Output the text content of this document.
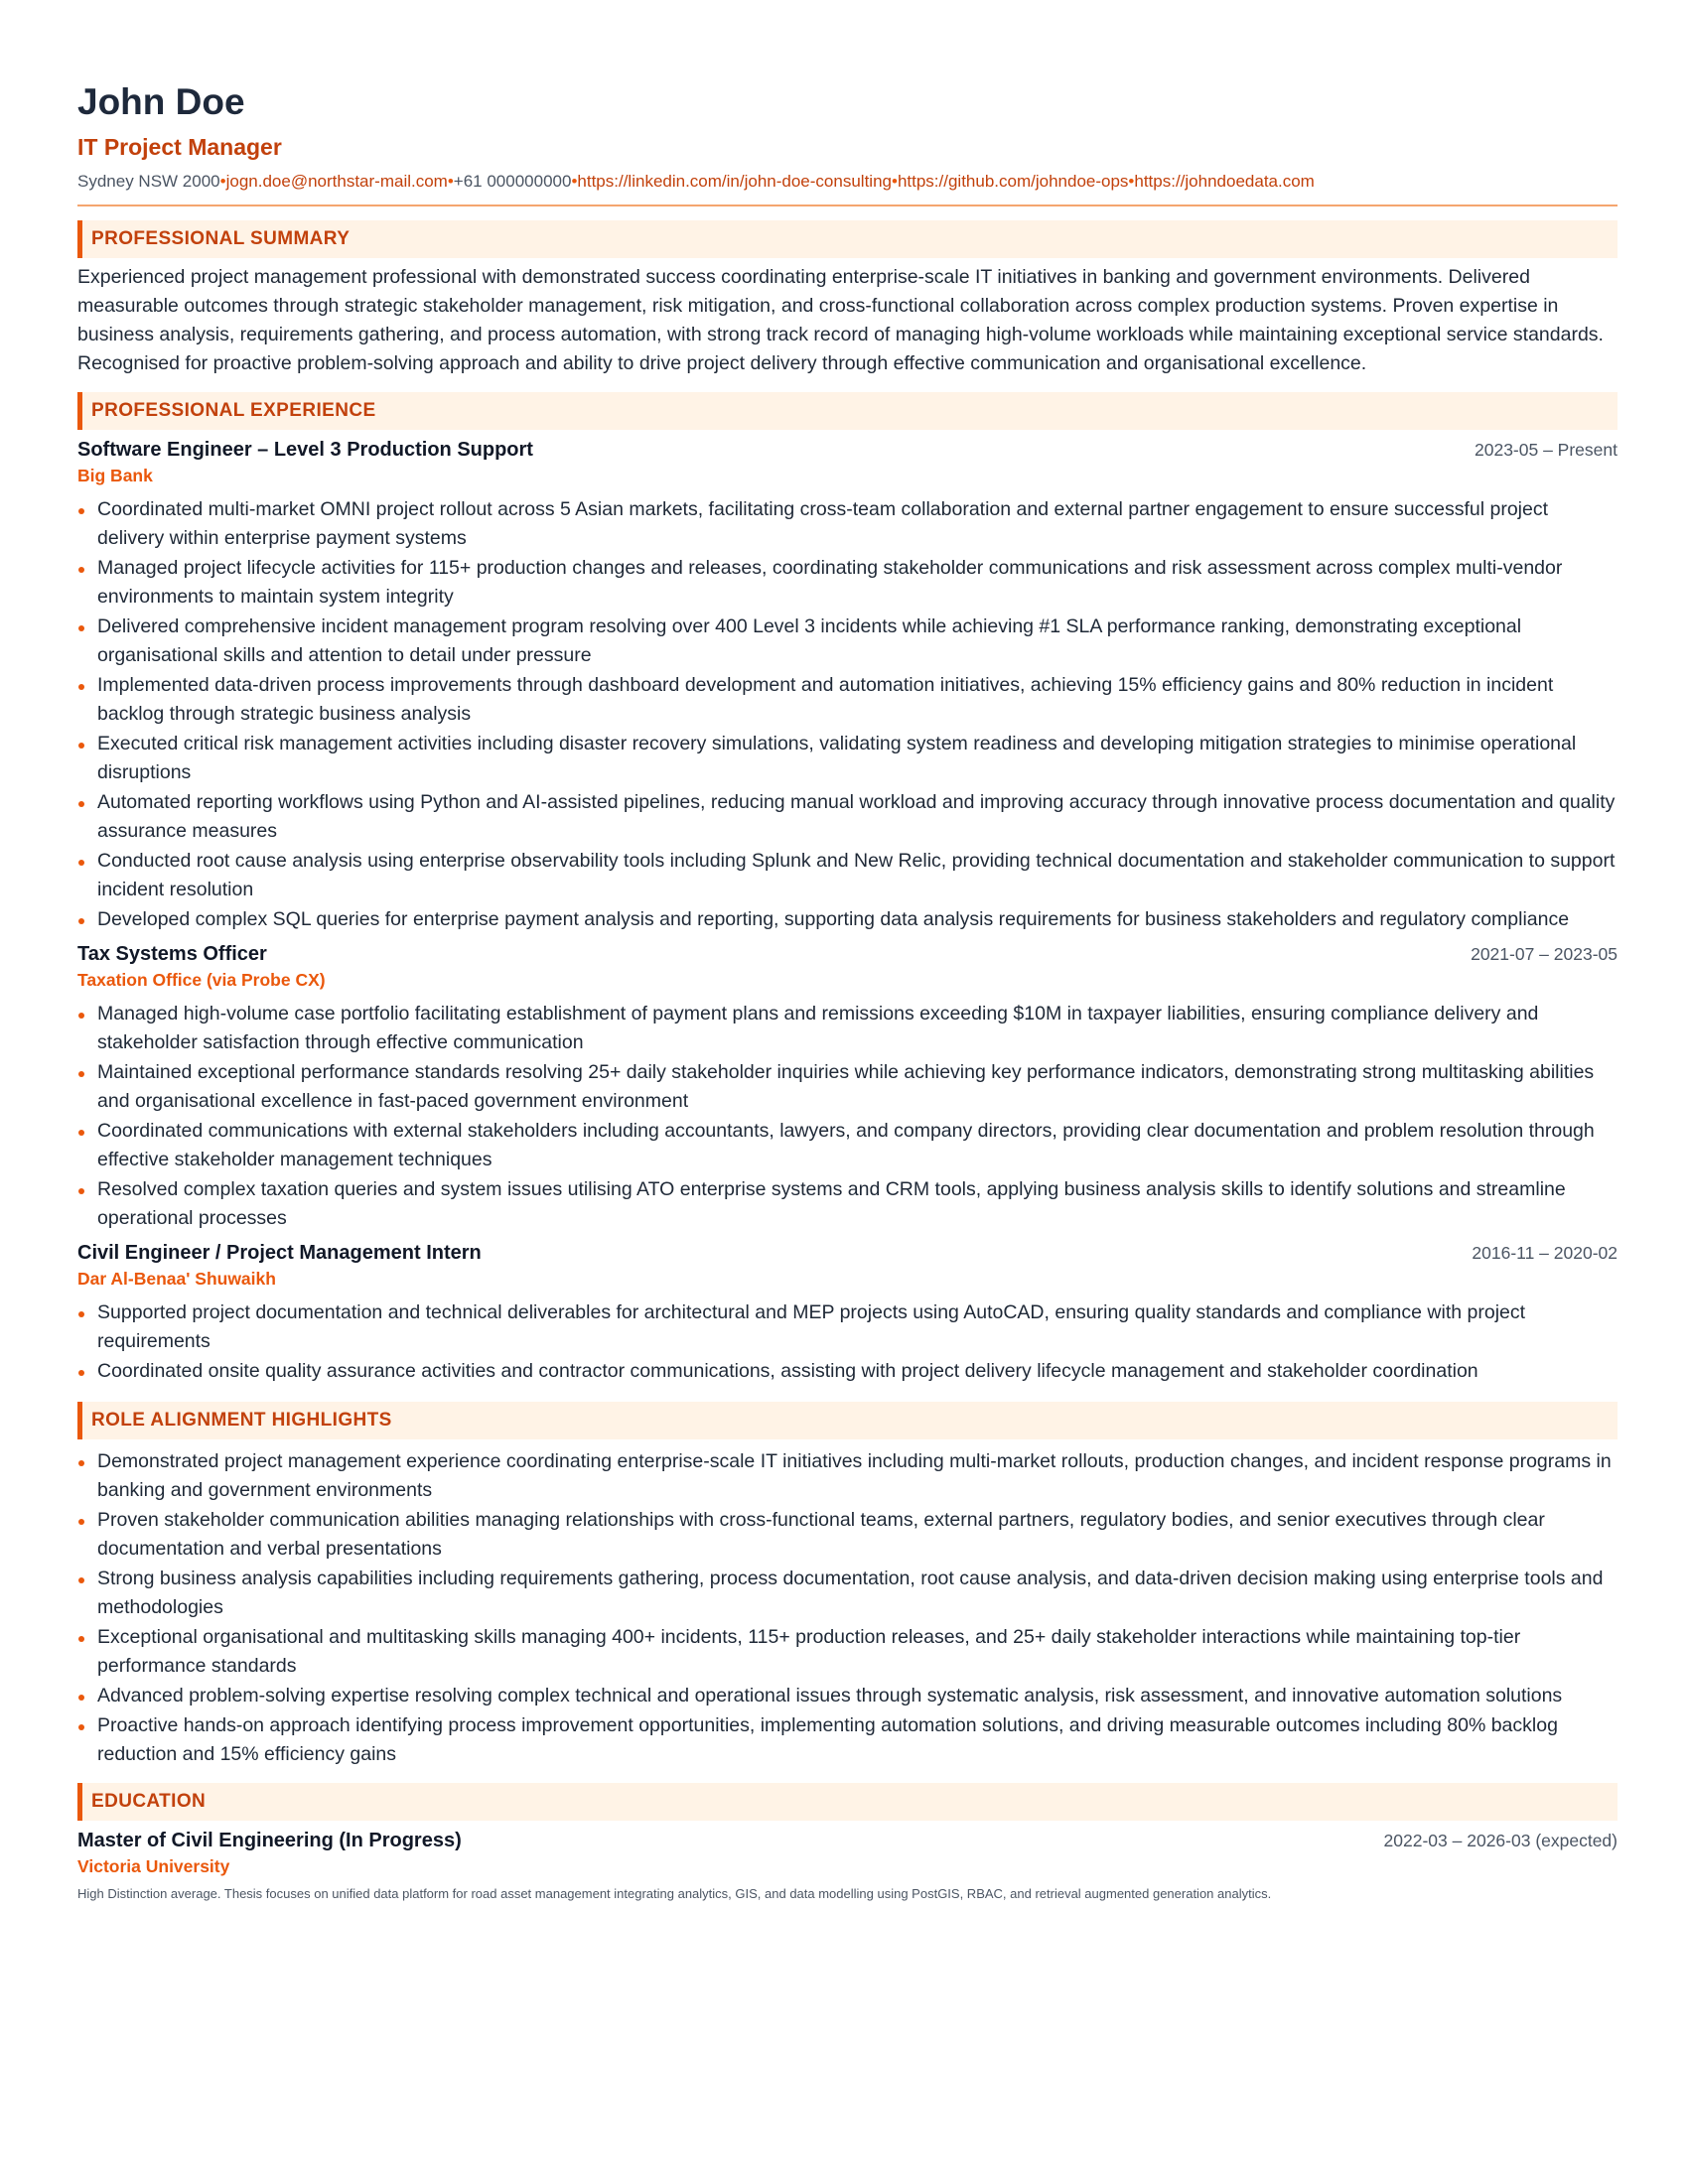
John Doe
IT Project Manager
Sydney NSW 2000•jogn.doe@northstar-mail.com•+61 000000000•https://linkedin.com/in/john-doe-consulting•https://github.com/johndoe-ops•https://johndoedata.com
PROFESSIONAL SUMMARY
Experienced project management professional with demonstrated success coordinating enterprise-scale IT initiatives in banking and government environments. Delivered measurable outcomes through strategic stakeholder management, risk mitigation, and cross-functional collaboration across complex production systems. Proven expertise in business analysis, requirements gathering, and process automation, with strong track record of managing high-volume workloads while maintaining exceptional service standards. Recognised for proactive problem-solving approach and ability to drive project delivery through effective communication and organisational excellence.
PROFESSIONAL EXPERIENCE
Software Engineer – Level 3 Production Support	2023-05 – Present
Big Bank
Coordinated multi-market OMNI project rollout across 5 Asian markets, facilitating cross-team collaboration and external partner engagement to ensure successful project delivery within enterprise payment systems
Managed project lifecycle activities for 115+ production changes and releases, coordinating stakeholder communications and risk assessment across complex multi-vendor environments to maintain system integrity
Delivered comprehensive incident management program resolving over 400 Level 3 incidents while achieving #1 SLA performance ranking, demonstrating exceptional organisational skills and attention to detail under pressure
Implemented data-driven process improvements through dashboard development and automation initiatives, achieving 15% efficiency gains and 80% reduction in incident backlog through strategic business analysis
Executed critical risk management activities including disaster recovery simulations, validating system readiness and developing mitigation strategies to minimise operational disruptions
Automated reporting workflows using Python and AI-assisted pipelines, reducing manual workload and improving accuracy through innovative process documentation and quality assurance measures
Conducted root cause analysis using enterprise observability tools including Splunk and New Relic, providing technical documentation and stakeholder communication to support incident resolution
Developed complex SQL queries for enterprise payment analysis and reporting, supporting data analysis requirements for business stakeholders and regulatory compliance
Tax Systems Officer	2021-07 – 2023-05
Taxation Office (via Probe CX)
Managed high-volume case portfolio facilitating establishment of payment plans and remissions exceeding $10M in taxpayer liabilities, ensuring compliance delivery and stakeholder satisfaction through effective communication
Maintained exceptional performance standards resolving 25+ daily stakeholder inquiries while achieving key performance indicators, demonstrating strong multitasking abilities and organisational excellence in fast-paced government environment
Coordinated communications with external stakeholders including accountants, lawyers, and company directors, providing clear documentation and problem resolution through effective stakeholder management techniques
Resolved complex taxation queries and system issues utilising ATO enterprise systems and CRM tools, applying business analysis skills to identify solutions and streamline operational processes
Civil Engineer / Project Management Intern	2016-11 – 2020-02
Dar Al-Benaa' Shuwaikh
Supported project documentation and technical deliverables for architectural and MEP projects using AutoCAD, ensuring quality standards and compliance with project requirements
Coordinated onsite quality assurance activities and contractor communications, assisting with project delivery lifecycle management and stakeholder coordination
ROLE ALIGNMENT HIGHLIGHTS
Demonstrated project management experience coordinating enterprise-scale IT initiatives including multi-market rollouts, production changes, and incident response programs in banking and government environments
Proven stakeholder communication abilities managing relationships with cross-functional teams, external partners, regulatory bodies, and senior executives through clear documentation and verbal presentations
Strong business analysis capabilities including requirements gathering, process documentation, root cause analysis, and data-driven decision making using enterprise tools and methodologies
Exceptional organisational and multitasking skills managing 400+ incidents, 115+ production releases, and 25+ daily stakeholder interactions while maintaining top-tier performance standards
Advanced problem-solving expertise resolving complex technical and operational issues through systematic analysis, risk assessment, and innovative automation solutions
Proactive hands-on approach identifying process improvement opportunities, implementing automation solutions, and driving measurable outcomes including 80% backlog reduction and 15% efficiency gains
EDUCATION
Master of Civil Engineering (In Progress)	2022-03 – 2026-03 (expected)
Victoria University
High Distinction average. Thesis focuses on unified data platform for road asset management integrating analytics, GIS, and data modelling using PostGIS, RBAC, and retrieval augmented generation analytics.
